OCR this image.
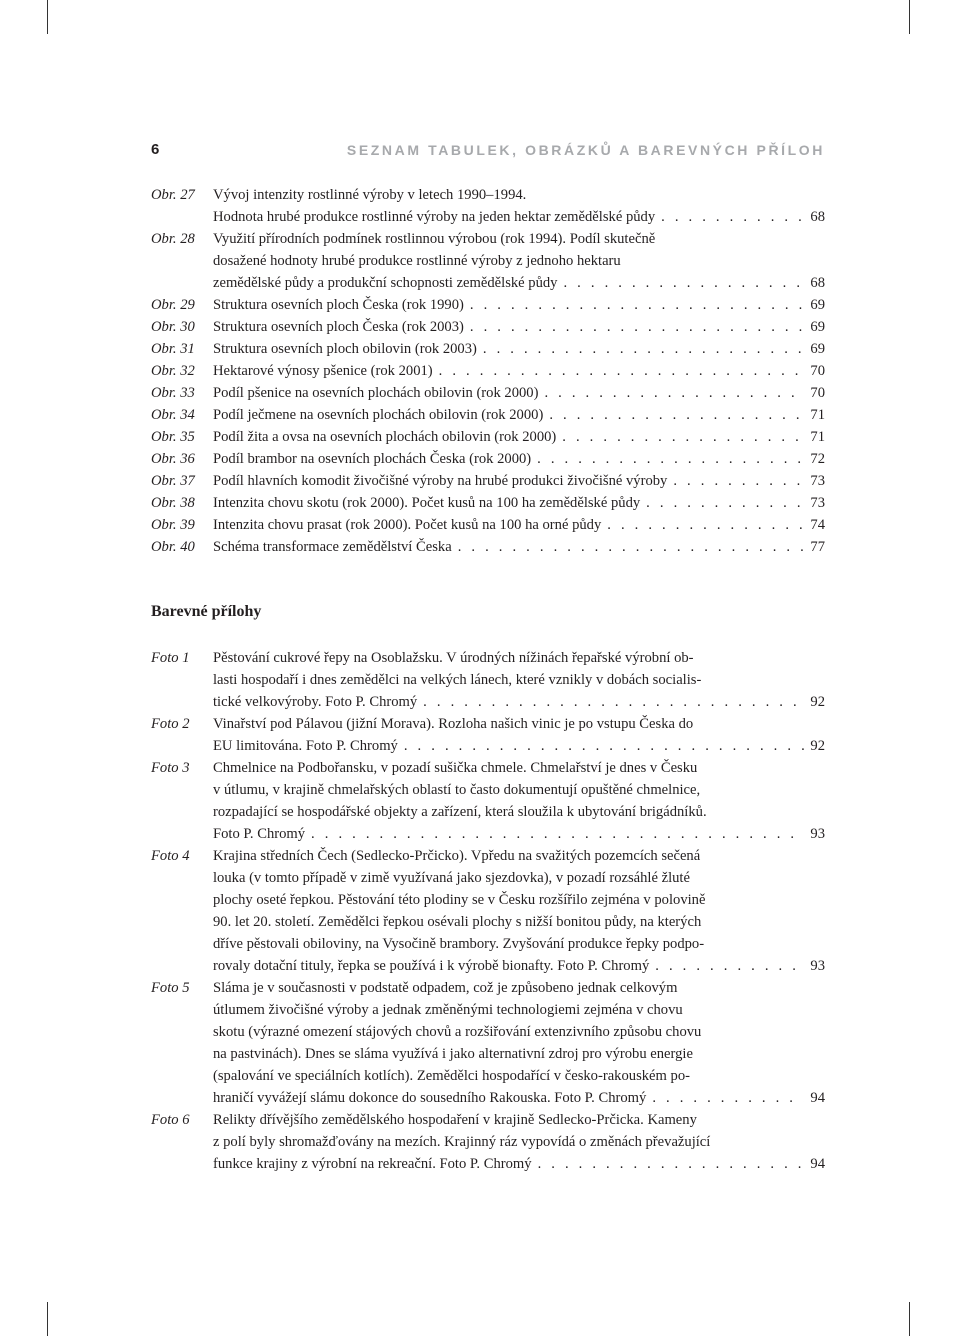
6	SEZNAM TABULEK, OBRÁZKŮ A BAREVNÝCH PŘÍLOH
Obr. 27 Vývoj intenzity rostlinné výroby v letech 1990–1994.
Hodnota hrubé produkce rostlinné výroby na jeden hektar zemědělské půdy . . .	68
Obr. 28 Využití přírodních podmínek rostlinnou výrobou (rok 1994). Podíl skutečně
dosažené hodnoty hrubé produkce rostlinné výroby z jednoho hektaru
zemědělské půdy a produkční schopnosti zemědělské půdy . . .	68
Obr. 29 Struktura osevních ploch Česka (rok 1990) . . .	69
Obr. 30 Struktura osevních ploch Česka (rok 2003) . . .	69
Obr. 31 Struktura osevních ploch obilovin (rok 2003) . . .	69
Obr. 32 Hektarové výnosy pšenice (rok 2001) . . .	70
Obr. 33 Podíl pšenice na osevních plochách obilovin (rok 2000) . . .	70
Obr. 34 Podíl ječmene na osevních plochách obilovin (rok 2000) . . .	71
Obr. 35 Podíl žita a ovsa na osevních plochách obilovin (rok 2000) . . .	71
Obr. 36 Podíl brambor na osevních plochách Česka (rok 2000) . . .	72
Obr. 37 Podíl hlavních komodit živočišné výroby na hrubé produkci živočišné výroby . . .	73
Obr. 38 Intenzita chovu skotu (rok 2000). Počet kusů na 100 ha zemědělské půdy . . .	73
Obr. 39 Intenzita chovu prasat (rok 2000). Počet kusů na 100 ha orné půdy . . .	74
Obr. 40 Schéma transformace zemědělství Česka . . .	77
Barevné přílohy
Foto 1 Pěstování cukrové řepy na Osoblažsku. V úrodných nížinách řepařské výrobní ob-
lasti hospodaří i dnes zemědělci na velkých lánech, které vznikly v dobách socialis-
tické velkovýroby. Foto P. Chromý . . .	92
Foto 2 Vinařství pod Pálavou (jižní Morava). Rozloha našich vinic je po vstupu Česka do
EU limitována. Foto P. Chromý . . .	92
Foto 3 Chmelnice na Podbořansku, v pozadí sušička chmele. Chmelařství je dnes v Česku
v útlumu, v krajině chmelařských oblastí to často dokumentují opuštěné chmelnice,
rozpadající se hospodářské objekty a zařízení, která sloužila k ubytování brigádníků.
Foto P. Chromý . . .	93
Foto 4 Krajina středních Čech (Sedlecko-Prčicko). Vpředu na svažitých pozemcích sečená
louka (v tomto případě v zimě využívaná jako sjezdovka), v pozadí rozsáhlé žluté
plochy oseté řepkou. Pěstování této plodiny se v Česku rozšířilo zejména v polovině
90. let 20. století. Zemědělci řepkou osévali plochy s nižší bonitou půdy, na kterých
dříve pěstovali obiloviny, na Vysočině brambory. Zvyšování produkce řepky podpo-
rovaly dotační tituly, řepka se používá i k výrobě bionafty. Foto P. Chromý . . .	93
Foto 5 Sláma je v současnosti v podstatě odpadem, což je způsobeno jednak celkovým
útlumem živočišné výroby a jednak změněnými technologiemi zejména v chovu
skotu (výrazné omezení stájových chovů a rozšiřování extenzivního způsobu chovu
na pastvinách). Dnes se sláma využívá i jako alternativní zdroj pro výrobu energie
(spalování ve speciálních kotlích). Zemědělci hospodařící v česko-rakouském po-
hraničí vyvážejí slámu dokonce do sousedního Rakouska. Foto P. Chromý . . .	94
Foto 6 Relikty dřívějšího zemědělského hospodaření v krajině Sedlecko-Prčicka. Kameny
z polí byly shromažďovány na mezích. Krajinný ráz vypovídá o změnách převažující
funkce krajiny z výrobní na rekreační. Foto P. Chromý . . .	94
